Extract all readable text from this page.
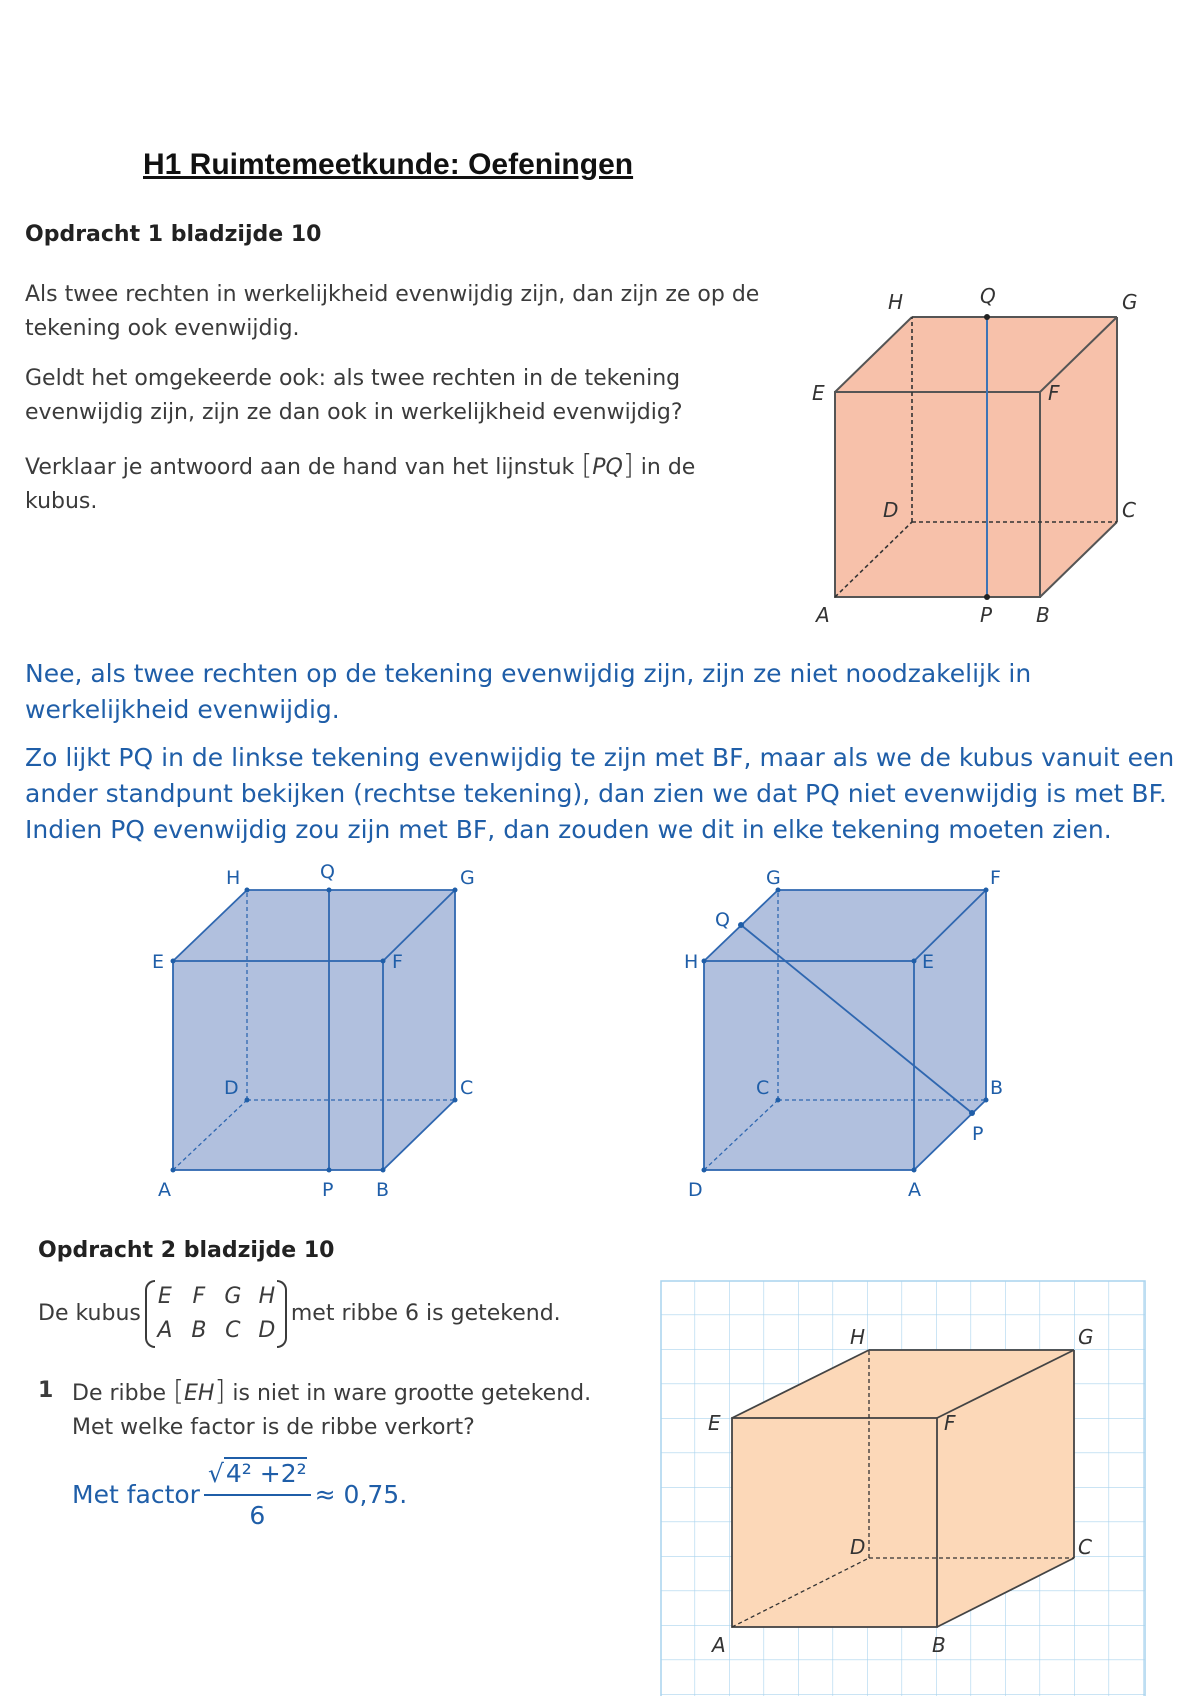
H1 Ruimtemeetkunde: Oefeningen
Opdracht 1 bladzijde 10
Als twee rechten in werkelijkheid evenwijdig zijn, dan zijn ze op de tekening ook evenwijdig.
Geldt het omgekeerde ook: als twee rechten in de tekening evenwijdig zijn, zijn ze dan ook in werkelijkheid evenwijdig?
Verklaar je antwoord aan de hand van het lijnstuk [PQ] in de kubus.
H	Q	G
E	F
D	C
A	P B
Nee, als twee rechten op de tekening evenwijdig zijn, zijn ze niet noodzakelijk in werkelijkheid evenwijdig.
Zo lijkt PQ in de linkse tekening evenwijdig te zijn met BF, maar als we de kubus vanuit een ander standpunt bekijken (rechtse tekening), dan zien we dat PQ niet evenwijdig is met BF. Indien PQ evenwijdig zou zijn met BF, dan zouden we dit in elke tekening moeten zien.
H	Q	G
E	F
D	C
A	P B
G	F
Q
H	E
C	B
P
D	A
Opdracht 2 bladzijde 10
De kubus
E F G H
A B C D
met ribbe 6 is getekend.
1 De ribbe [EH] is niet in ware grootte getekend.
Met welke factor is de ribbe verkort?
Met factor $\frac{\text{√4² +2²}}{6} \approx 0,75$.
H	G
E	F
D	C
A	B
